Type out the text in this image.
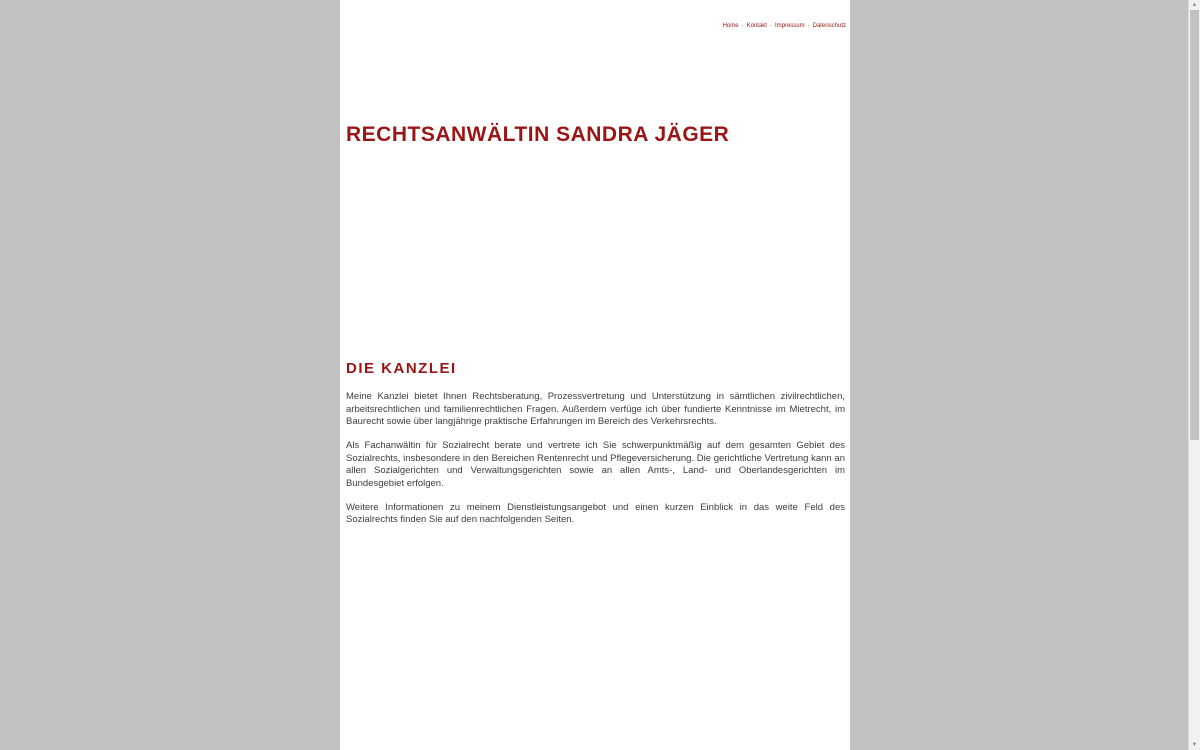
Home · Kontakt · Impressum · Datenschutz
RECHTSANWÄLTIN SANDRA JÄGER
DIE KANZLEI

Meine Kanzlei bietet Ihnen Rechtsberatung, Prozessvertretung und Unterstützung in sämtlichen zivilrechtlichen, arbeitsrechtlichen und familienrechtlichen Fragen. Außerdem verfüge ich über fundierte Kenntnisse im Mietrecht, im Baurecht sowie über langjährige praktische Erfahrungen im Bereich des Verkehrsrechts.

Als Fachanwältin für Sozialrecht berate und vertrete ich Sie schwerpunktmäßig auf dem gesamten Gebiet des Sozialrechts, insbesondere in den Bereichen Rentenrecht und Pflegeversicherung. Die gerichtliche Vertretung kann an allen Sozialgerichten und Verwaltungsgerichten sowie an allen Amts-, Land- und Oberlandesgerichten im Bundesgebiet erfolgen.

Weitere Informationen zu meinem Dienstleistungsangebot und einen kurzen Einblick in das weite Feld des Sozialrechts finden Sie auf den nachfolgenden Seiten.

▲
▼
